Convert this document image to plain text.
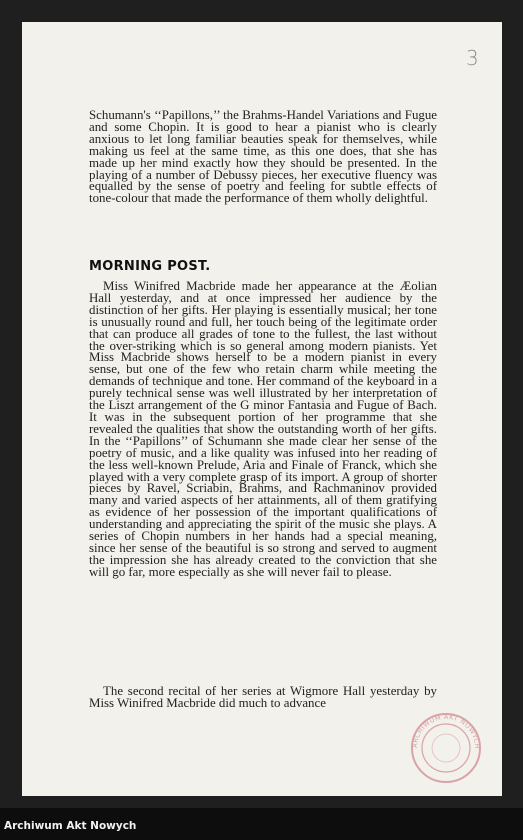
3
Schumann's ‘‘Papillons,’’ the Brahms-Handel Variations and Fugue and some Chopin. It is good to hear a pianist who is clearly anxious to let long familiar beauties speak for themselves, while making us feel at the same time, as this one does, that she has made up her mind exactly how they should be presented. In the playing of a number of Debussy pieces, her executive fluency was equalled by the sense of poetry and feeling for subtle effects of tone-colour that made the performance of them wholly delightful.
MORNING POST.
Miss Winifred Macbride made her appearance at the Æolian Hall yesterday, and at once impressed her audience by the distinction of her gifts. Her playing is essentially musical; her tone is unusually round and full, her touch being of the legitimate order that can produce all grades of tone to the fullest, the last without the over-striking which is so general among modern pianists. Yet Miss Macbride shows herself to be a modern pianist in every sense, but one of the few who retain charm while meeting the demands of technique and tone. Her command of the keyboard in a purely technical sense was well illustrated by her interpretation of the Liszt arrangement of the G minor Fantasia and Fugue of Bach. It was in the subsequent portion of her programme that she revealed the qualities that show the outstanding worth of her gifts. In the ‘‘Papillons’’ of Schumann she made clear her sense of the poetry of music, and a like quality was infused into her reading of the less well-known Prelude, Aria and Finale of Franck, which she played with a very complete grasp of its import. A group of shorter pieces by Ravel, Scriabin, Brahms, and Rachmaninov provided many and varied aspects of her attainments, all of them gratifying as evidence of her possession of the important qualifications of understanding and appreciating the spirit of the music she plays. A series of Chopin numbers in her hands had a special meaning, since her sense of the beautiful is so strong and served to augment the impression she has already created to the conviction that she will go far, more especially as she will never fail to please.
The second recital of her series at Wigmore Hall yesterday by Miss Winifred Macbride did much to advance
ARCHIWUM AKT NOWYCH
Archiwum Akt Nowych
